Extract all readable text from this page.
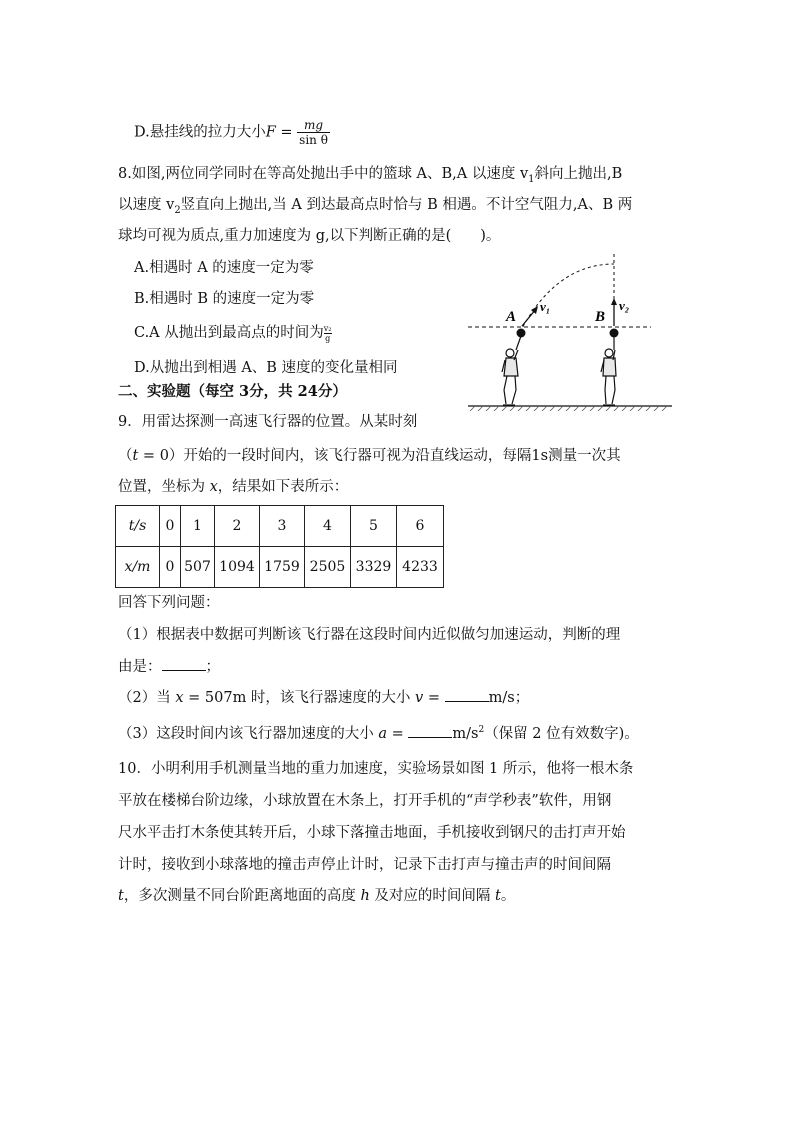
D.悬挂线的拉力大小$F = \frac{mg}{\text{sin θ}}$
8.如图,两位同学同时在等高处抛出手中的篮球 A、B,A 以速度 $v_1$斜向上抛出,B
以速度 $v_2$竖直向上抛出,当 A 到达最高点时恰与 B 相遇。不计空气阻力,A、B 两
球均可视为质点,重力加速度为 g,以下判断正确的是(　　)。
A.相遇时 A 的速度一定为零
B.相遇时 B 的速度一定为零
C.A 从抛出到最高点的时间为 $\frac{\text{v₂}}{g}$
D.从抛出到相遇 A、B 速度的变化量相同
A	B
v₁	v₂
二、实验题（每空 3分，共 24分）
9．用雷达探测一高速飞行器的位置。从某时刻
（t = 0）开始的一段时间内，该飞行器可视为沿直线运动，每隔1s测量一次其
位置，坐标为 x，结果如下表所示：
t/s	0	1	2	3	4	5	6
x/m	0	507	1094	1759	2505	3329	4233
回答下列问题：
（1）根据表中数据可判断该飞行器在这段时间内近似做匀加速运动，判断的理
由是：	；
（2）当 x = 507m 时，该飞行器速度的大小 v =	m/s；
（3）这段时间内该飞行器加速度的大小 a =	$m/s^2$（保留 2 位有效数字)。
10．小明利用手机测量当地的重力加速度，实验场景如图 1 所示，他将一根木条
平放在楼梯台阶边缘，小球放置在木条上，打开手机的“声学秒表”软件，用钢
尺水平击打木条使其转开后，小球下落撞击地面，手机接收到钢尺的击打声开始
计时，接收到小球落地的撞击声停止计时，记录下击打声与撞击声的时间间隔
t，多次测量不同台阶距离地面的高度 h 及对应的时间间隔 t。
